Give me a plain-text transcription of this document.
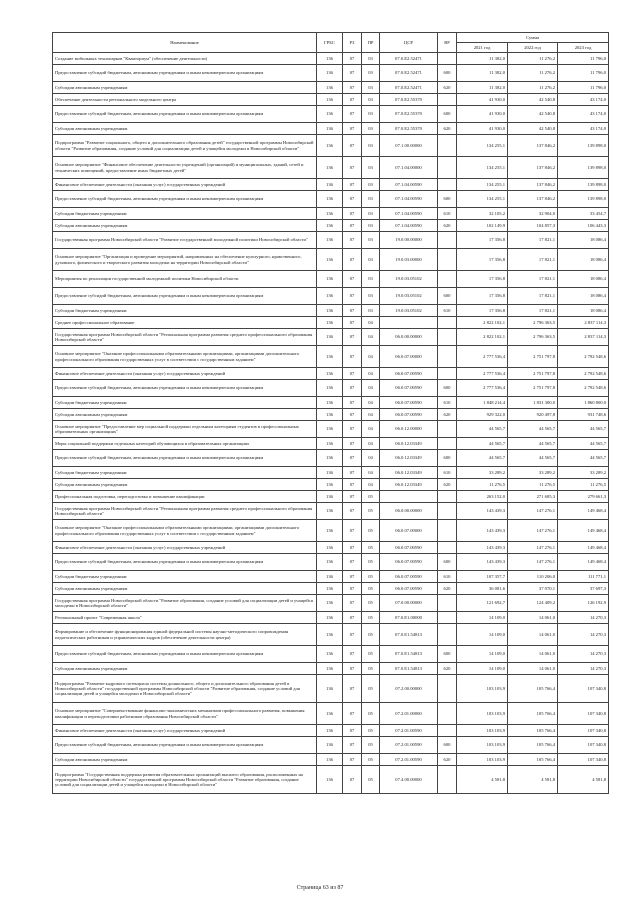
Наименование	ГРБС	РЗ	ПР	ЦСР	ВР	Сумма		
						2021 год	2022 год	2023 год
Создание мобильных технопарков "Кванториум" (обеспечение деятельности)	136	07	03	07.0.E2.52471		11 382,0	11 276,2	11 796,0
Предоставление субсидий бюджетным, автономным учреждениям и иным некоммерческим организациям	136	07	03	07.0.E2.52471	600	11 382,0	11 276,2	11 796,0
Субсидии автономным учреждениям	136	07	03	07.0.E2.52471	620	11 382,0	11 276,2	11 796,0
Обеспечение деятельности регионального модельного центра	136	07	03	07.0.E2.55370		41 930,0	42 540,8	43 174,0
Предоставление субсидий бюджетным, автономным учреждениям и иным некоммерческим организациям	136	07	03	07.0.E2.55370	600	41 930,0	42 540,8	43 174,0
Субсидии автономным учреждениям	136	07	03	07.0.E2.55370	620	41 930,0	42 540,8	43 174,0
Подпрограмма "Развитие социального, общего и дополнительного образования детей" государственной программы Новосибирской области "Развитие образования, создание условий для социализации детей и учащейся молодежи в Новосибирской области"	136	07	03	07.1.00.00000		134 255,1	137 846,2	139 898,0
Основное мероприятие "Финансовое обеспечение деятельности учреждений (организаций) и муниципальных, зданий, сетей и технических помещений, предоставление иных бюджетных детей"	136	07	03	07.1.04.00000		134 255,1	137 846,2	139 898,0
Финансовое обеспечение деятельности (оказания услуг) государственных учреждений	136	07	03	07.1.04.00590		134 255,1	137 846,2	139 898,0
Предоставление субсидий бюджетным, автономным учреждениям и иным некоммерческим организациям	136	07	03	07.1.04.00590	600	134 255,1	137 846,2	139 898,0
Субсидии бюджетным учреждениям	136	07	03	07.1.04.00590	610	32 105,2	32 904,0	33 454,7
Субсидии автономным учреждениям	136	07	03	07.1.04.00590	620	102 149,9	104 857,3	106 443,3
Государственная программа Новосибирской области "Развитие государственной молодежной политики Новосибирской области"	136	07	03	19.0.00.00000		17 356,8	17 821,1	18 086,4
Основное мероприятие "Организация и проведение мероприятий, направленных на обеспечение культурного, нравственного, духовного, физического и творческого развития молодежи на территории Новосибирской области"	136	07	03	19.0.03.00000		17 356,8	17 821,1	18 086,4
Мероприятия по реализации государственной молодежной политики Новосибирской области	136	07	03	19.0.03.05102		17 356,8	17 821,1	18 086,4
Предоставление субсидий бюджетным, автономным учреждениям и иным некоммерческим организациям	136	07	03	19.0.03.05102	600	17 356,8	17 821,1	18 086,4
Субсидии бюджетным учреждениям	136	07	03	19.0.03.05102	610	17 356,8	17 821,1	18 086,4
Среднее профессиональное образование	136	07	04			2 822 102,1	2 796 363,5	2 837 114,3
Государственная программа Новосибирской области "Региональная программа развития среднего профессионального образования Новосибирской области"	136	07	04	06.0.00.00000		2 822 102,1	2 796 363,5	2 837 114,3
Основное мероприятие "Оказание профессиональными образовательными организациями, организациями дополнительного профессионального образования государственных услуг в соответствии с государственным заданием"	136	07	04	06.0.07.00000		2 777 536,4	2 751 797,8	2 792 548,6
Финансовое обеспечение деятельности (оказания услуг) государственных учреждений	136	07	04	06.0.07.00590		2 777 536,4	2 751 797,8	2 792 548,6
Предоставление субсидий бюджетным, автономным учреждениям и иным некоммерческим организациям	136	07	04	06.0.07.00590	600	2 777 536,4	2 751 797,8	2 792 548,6
Субсидии бюджетным учреждениям	136	07	04	06.0.07.00590	610	1 848 214,4	1 831 300,0	1 860 800,0
Субсидии автономным учреждениям	136	07	04	06.0.07.00590	620	929 322,0	920 497,8	931 748,6
Основное мероприятие "Предоставление мер социальной поддержки отдельным категориям студентов в профессиональных образовательных организациях"	136	07	04	06.0.12.00000		44 565,7	44 565,7	44 565,7
Меры социальной поддержки отдельных категорий обучающихся в образовательных организациях	136	07	04	06.0.12.03349		44 565,7	44 565,7	44 565,7
Предоставление субсидий бюджетным, автономным учреждениям и иным некоммерческим организациям	136	07	04	06.0.12.03349	600	44 565,7	44 565,7	44 565,7
Субсидии бюджетным учреждениям	136	07	04	06.0.12.03349	610	33 289,2	33 289,2	33 289,2
Субсидии автономным учреждениям	136	07	04	06.0.12.03349	620	11 276,5	11 276,5	11 276,5
Профессиональная подготовка, переподготовка и повышение квалификации	136	07	05			263 152,0	271 685,3	279 661,3
Государственная программа Новосибирской области "Региональная программа развития среднего профессионального образования Новосибирской области"	136	07	05	06.0.00.00000		143 439,3	147 276,1	149 468,4
Основное мероприятие "Оказание профессиональными образовательными организациями, организациями дополнительного профессионального образования государственных услуг в соответствии с государственным заданием"	136	07	05	06.0.07.00000		143 439,3	147 276,1	149 468,4
Финансовое обеспечение деятельности (оказания услуг) государственных учреждений	136	07	05	06.0.07.00590		143 439,3	147 276,1	149 468,4
Предоставление субсидий бюджетным, автономным учреждениям и иным некоммерческим организациям	136	07	05	06.0.07.00590	600	143 439,3	147 276,1	149 468,4
Субсидии бюджетным учреждениям	136	07	05	06.0.07.00590	610	107 357,7	110 206,0	111 771,1
Субсидии автономным учреждениям	136	07	05	06.0.07.00590	620	36 081,6	37 070,1	37 697,3
Государственная программа Новосибирской области "Развитие образования, создание условий для социализации детей и учащейся молодежи в Новосибирской области"	136	07	05	07.0.00.00000		121 692,7	124 409,2	126 192,9
Региональный проект "Современная школа"	136	07	05	07.0.E1.00000		14 109,0	14 061,0	14 270,3
Формирование и обеспечение функционирования единой федеральной системы научно-методического сопровождения педагогических работников и управленческих кадров (обеспечение деятельности центра)	136	07	05	07.0.E1.54813		14 109,0	14 061,0	14 270,3
Предоставление субсидий бюджетным, автономным учреждениям и иным некоммерческим организациям	136	07	05	07.0.E1.54813	600	14 109,0	14 061,0	14 270,3
Субсидии автономным учреждениям	136	07	05	07.0.E1.54813	620	14 109,0	14 061,0	14 270,3
Подпрограмма "Развитие кадрового потенциала системы дошкольного, общего и дополнительного образования детей в Новосибирской области" государственной программы Новосибирской области "Развитие образования, создание условий для социализации детей и учащейся молодежи в Новосибирской области"	136	07	05	07.2.00.00000		103 103,9	105 766,4	107 340,8
Основное мероприятие "Совершенствование финансово-экономических механизмов профессионального развития, повышения квалификации и переподготовки работников образования Новосибирской области"	136	07	05	07.2.01.00000		103 103,9	105 766,4	107 340,8
Финансовое обеспечение деятельности (оказания услуг) государственных учреждений	136	07	05	07.2.01.00590		103 103,9	105 766,4	107 340,8
Предоставление субсидий бюджетным, автономным учреждениям и иным некоммерческим организациям	136	07	05	07.2.01.00590	600	103 103,9	105 766,4	107 340,8
Субсидии автономным учреждениям	136	07	05	07.2.01.00590	620	103 103,9	105 766,4	107 340,8
Подпрограмма "Государственная поддержка развития образовательных организаций высшего образования, расположенных на территории Новосибирской области" государственной программы Новосибирской области "Развитие образования, создание условий для социализации детей и учащейся молодежи в Новосибирской области"	136	07	05	07.4.00.00000		4 581,8	4 581,8	4 581,8
Страница 63 из 87
